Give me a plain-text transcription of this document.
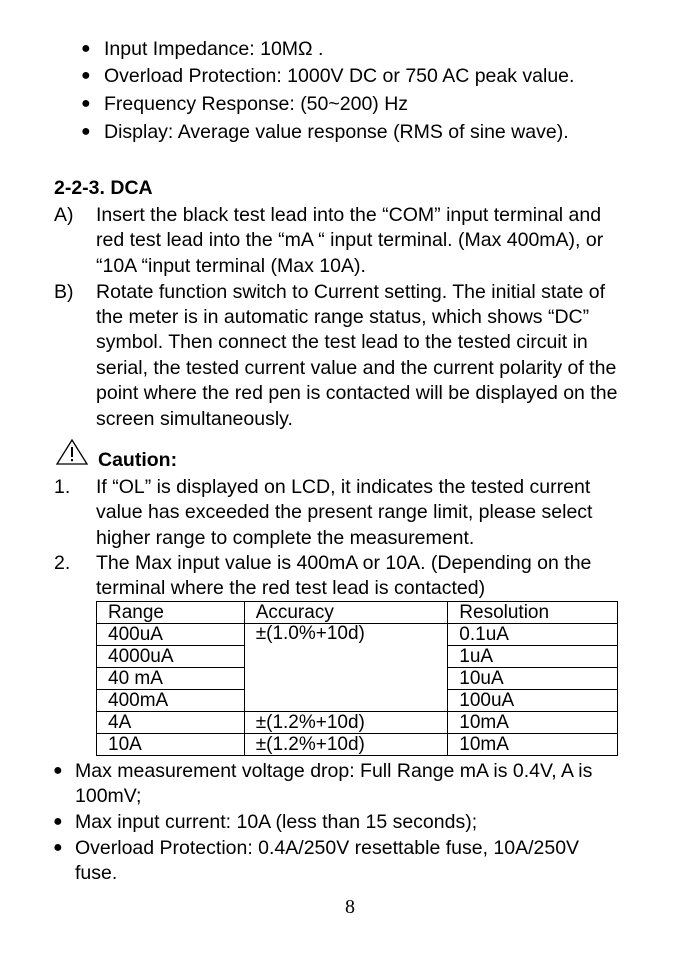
● Input Impedance: 10MΩ .
● Overload Protection: 1000V DC or 750 AC peak value.
● Frequency Response: (50~200) Hz
● Display: Average value response (RMS of sine wave).
2-2-3. DCA
A) Insert the black test lead into the “COM” input terminal and
red test lead into the “mA “ input terminal. (Max 400mA), or
“10A “input terminal (Max 10A).
B) Rotate function switch to Current setting. The initial state of
the meter is in automatic range status, which shows “DC”
symbol. Then connect the test lead to the tested circuit in
serial, the tested current value and the current polarity of the
point where the red pen is contacted will be displayed on the
screen simultaneously.
Caution:
1. If “OL” is displayed on LCD, it indicates the tested current
value has exceeded the present range limit, please select
higher range to complete the measurement.
2. The Max input value is 400mA or 10A. (Depending on the
terminal where the red test lead is contacted)
Range	Accuracy	Resolution
400uA	±(1.0%+10d)	0.1uA
4000uA		1uA
40 mA		10uA
400mA		100uA
4A	±(1.2%+10d)	10mA
10A	±(1.2%+10d)	10mA
● Max measurement voltage drop: Full Range mA is 0.4V, A is
100mV;
● Max input current: 10A (less than 15 seconds);
● Overload Protection: 0.4A/250V resettable fuse, 10A/250V
fuse.
8
